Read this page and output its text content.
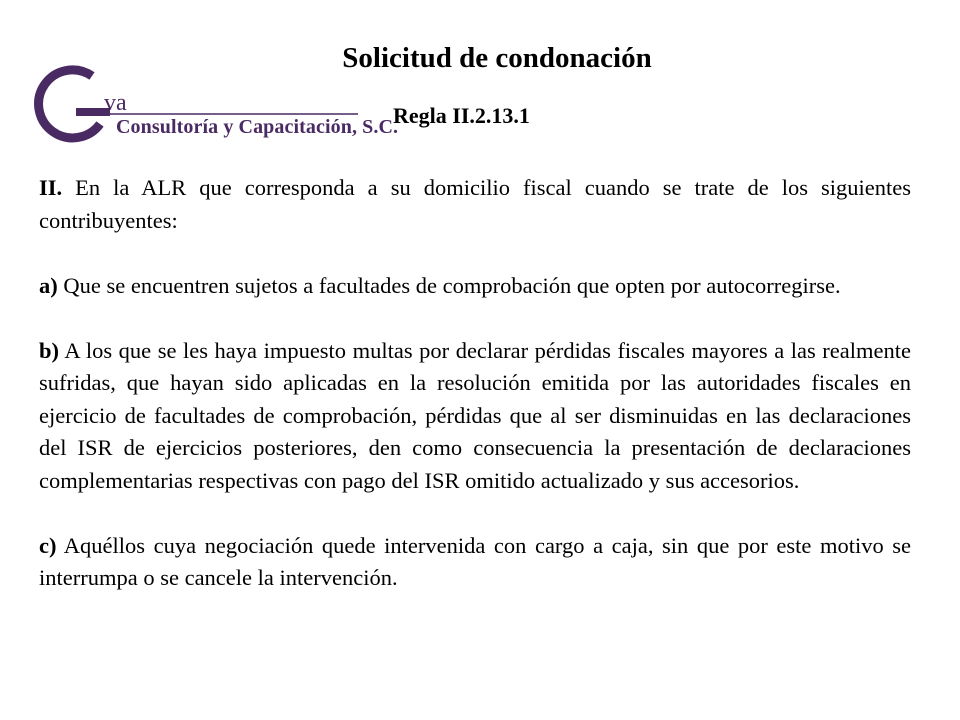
Solicitud de condonación
va
Consultoría y Capacitación, S.C.
Regla II.2.13.1

II. En la ALR que corresponda a su domicilio fiscal cuando se trate de los siguientes contribuyentes:

a) Que se encuentren sujetos a facultades de comprobación que opten por autocorregirse.

b) A los que se les haya impuesto multas por declarar pérdidas fiscales mayores a las realmente sufridas, que hayan sido aplicadas en la resolución emitida por las autoridades fiscales en ejercicio de facultades de comprobación, pérdidas que al ser disminuidas en las declaraciones del ISR de ejercicios posteriores, den como consecuencia la presentación de declaraciones complementarias respectivas con pago del ISR omitido actualizado y sus accesorios.

c) Aquéllos cuya negociación quede intervenida con cargo a caja, sin que por este motivo se interrumpa o se cancele la intervención.
